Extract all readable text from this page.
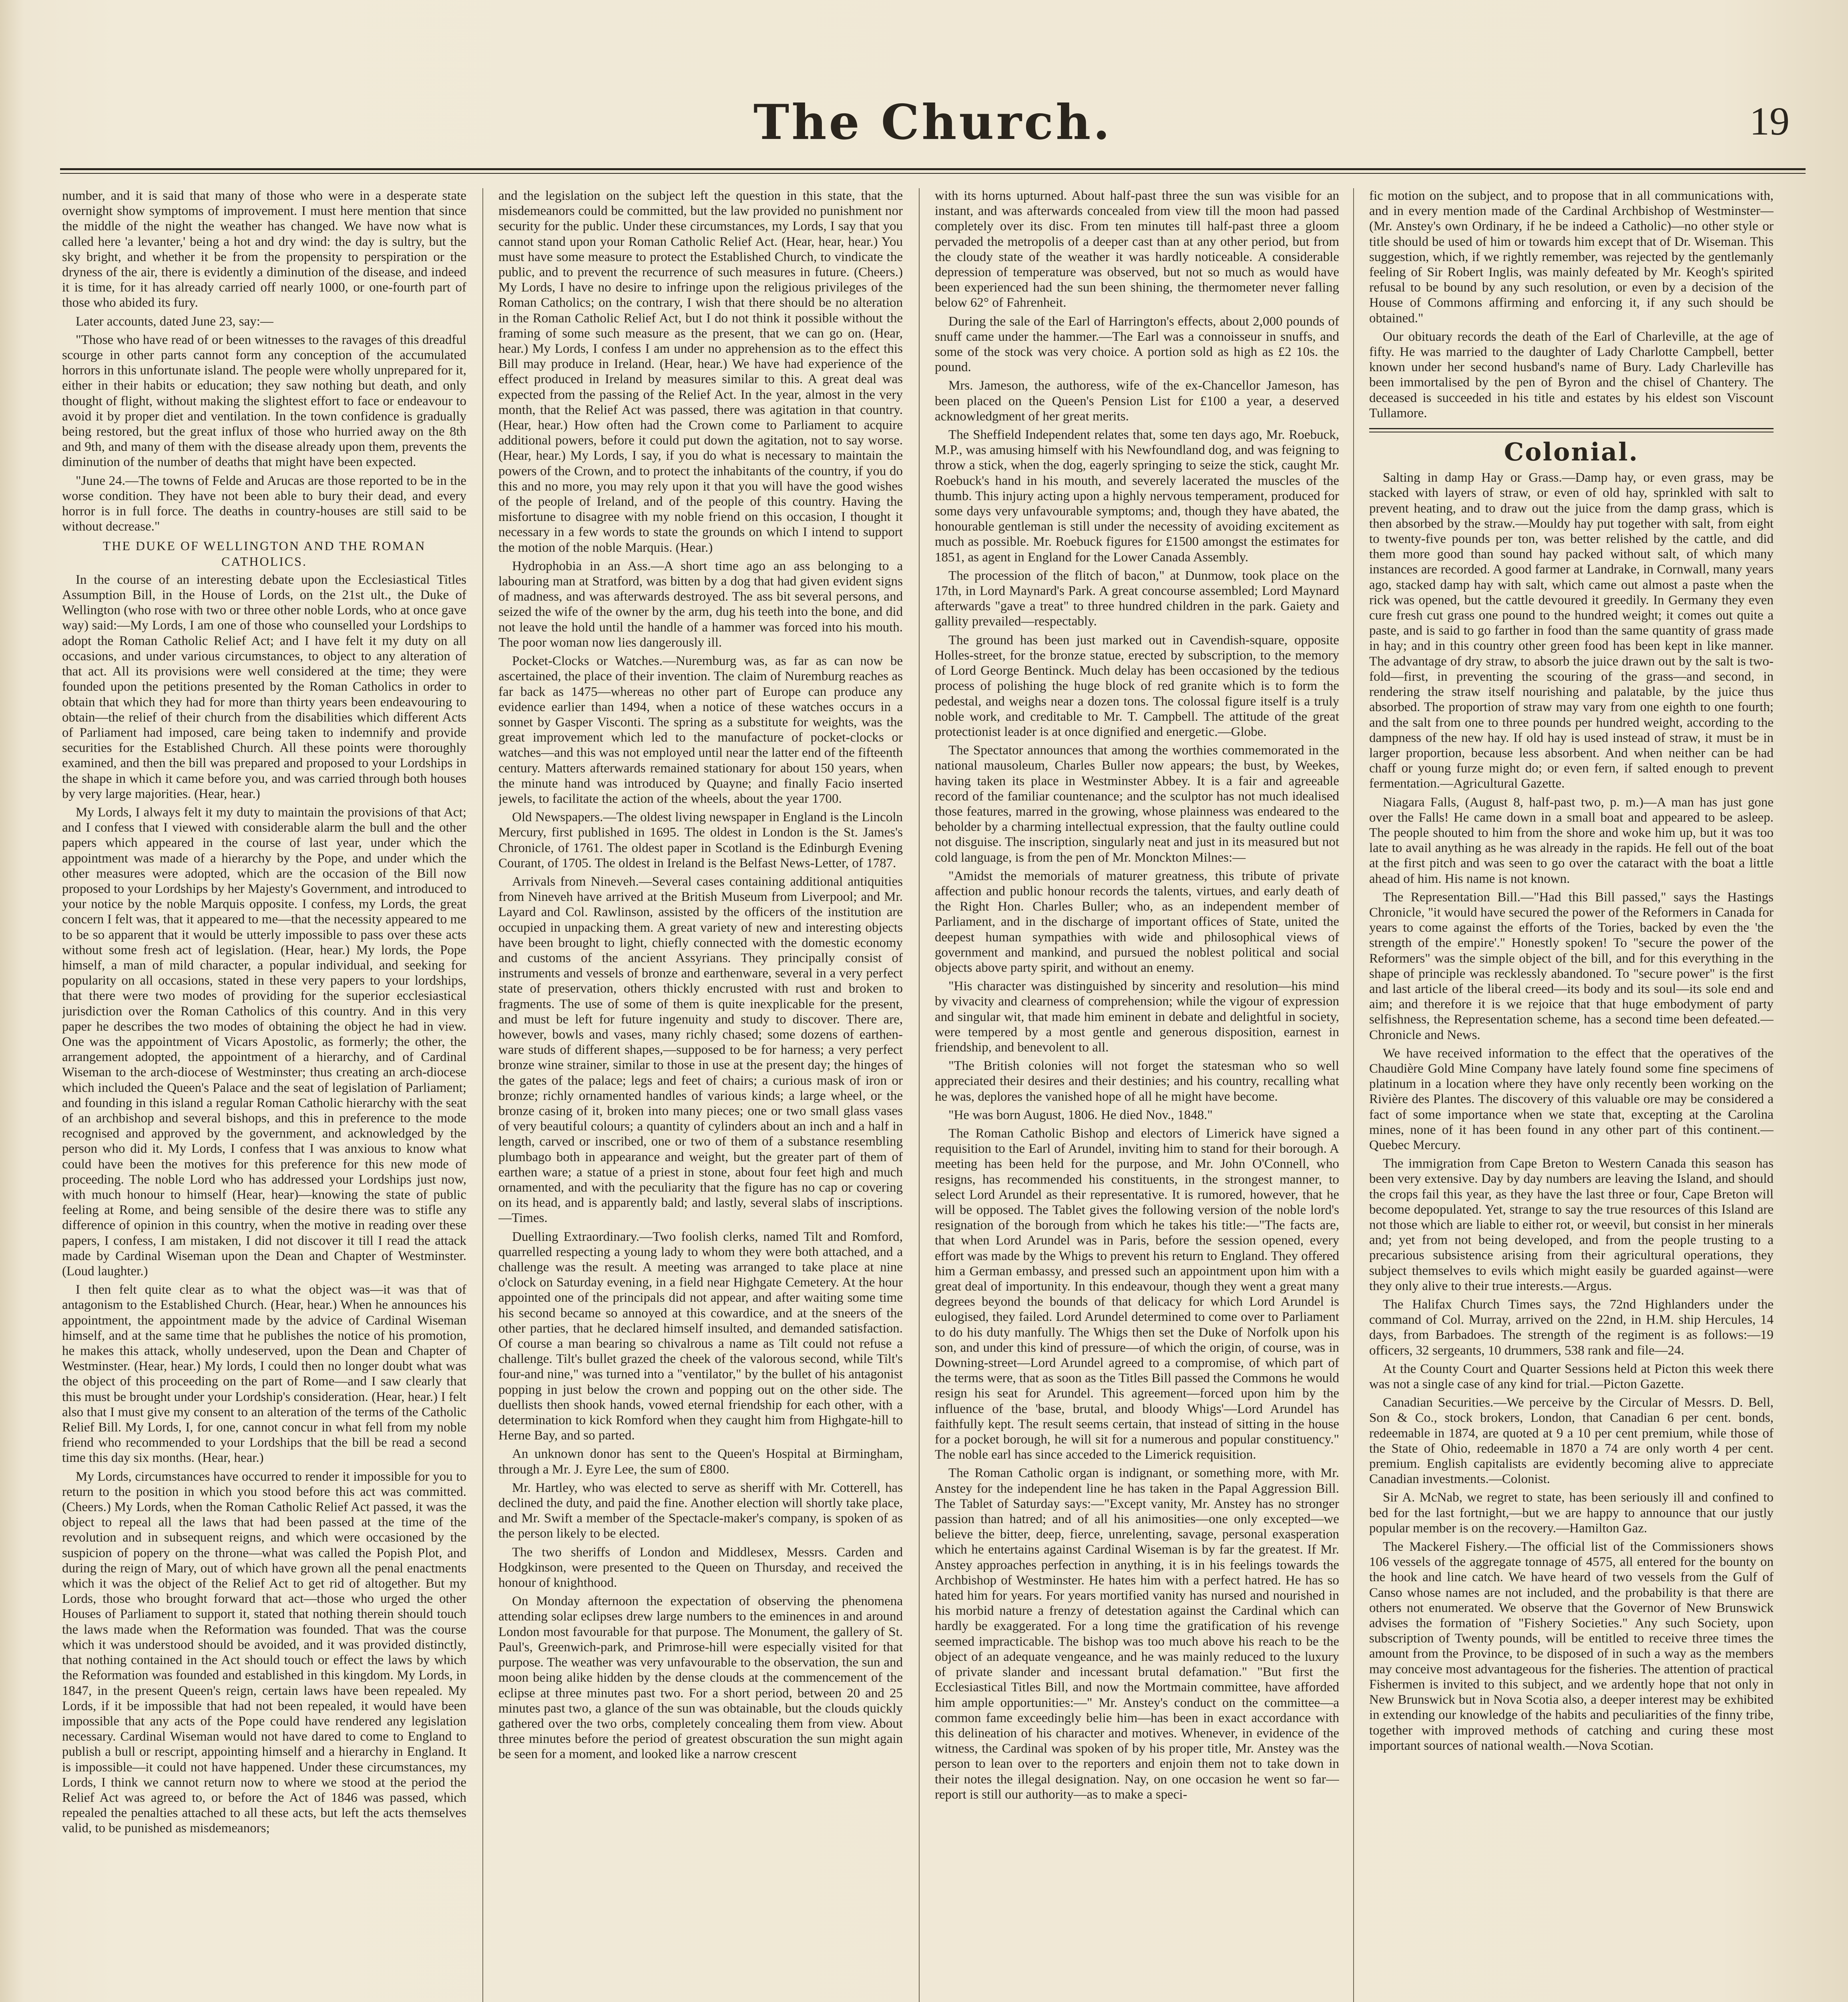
The Church.	19

number, and it is said that many of those who were in a desperate state overnight show symptoms of improvement. I must here mention that since the middle of the night the weather has changed. We have now what is called here 'a levanter,' being a hot and dry wind: the day is sultry, but the sky bright, and whether it be from the propensity to perspiration or the dryness of the air, there is evidently a diminution of the disease, and indeed it is time, for it has already carried off nearly 1000, or one-fourth part of those who abided its fury.

Later accounts, dated June 23, say:—

"Those who have read of or been witnesses to the ravages of this dreadful scourge in other parts cannot form any conception of the accumulated horrors in this unfortunate island. The people were wholly unprepared for it, either in their habits or education; they saw nothing but death, and only thought of flight, without making the slightest effort to face or endeavour to avoid it by proper diet and ventilation. In the town confidence is gradually being restored, but the great influx of those who hurried away on the 8th and 9th, and many of them with the disease already upon them, prevents the diminution of the number of deaths that might have been expected.

"June 24.—The towns of Felde and Arucas are those reported to be in the worse condition. They have not been able to bury their dead, and every horror is in full force. The deaths in country-houses are still said to be without decrease."

THE DUKE OF WELLINGTON AND THE ROMAN CATHOLICS.

In the course of an interesting debate upon the Ecclesiastical Titles Assumption Bill, in the House of Lords, on the 21st ult., the Duke of Wellington (who rose with two or three other noble Lords, who at once gave way) said:—My Lords, I am one of those who counselled your Lordships to adopt the Roman Catholic Relief Act; and I have felt it my duty on all occasions, and under various circumstances, to object to any alteration of that act. All its provisions were well considered at the time; they were founded upon the petitions presented by the Roman Catholics in order to obtain that which they had for more than thirty years been endeavouring to obtain—the relief of their church from the disabilities which different Acts of Parliament had imposed, care being taken to indemnify and provide securities for the Established Church. All these points were thoroughly examined, and then the bill was prepared and proposed to your Lordships in the shape in which it came before you, and was carried through both houses by very large majorities. (Hear, hear.)

My Lords, I always felt it my duty to maintain the provisions of that Act; and I confess that I viewed with considerable alarm the bull and the other papers which appeared in the course of last year, under which the appointment was made of a hierarchy by the Pope, and under which the other measures were adopted, which are the occasion of the Bill now proposed to your Lordships by her Majesty's Government, and introduced to your notice by the noble Marquis opposite. I confess, my Lords, the great concern I felt was, that it appeared to me—that the necessity appeared to me to be so apparent that it would be utterly impossible to pass over these acts without some fresh act of legislation. (Hear, hear.) My lords, the Pope himself, a man of mild character, a popular individual, and seeking for popularity on all occasions, stated in these very papers to your lordships, that there were two modes of providing for the superior ecclesiastical jurisdiction over the Roman Catholics of this country. And in this very paper he describes the two modes of obtaining the object he had in view. One was the appointment of Vicars Apostolic, as formerly; the other, the arrangement adopted, the appointment of a hierarchy, and of Cardinal Wiseman to the arch-diocese of Westminster; thus creating an arch-diocese which included the Queen's Palace and the seat of legislation of Parliament; and founding in this island a regular Roman Catholic hierarchy with the seat of an archbishop and several bishops, and this in preference to the mode recognised and approved by the government, and acknowledged by the person who did it. My Lords, I confess that I was anxious to know what could have been the motives for this preference for this new mode of proceeding. The noble Lord who has addressed your Lordships just now, with much honour to himself (Hear, hear)—knowing the state of public feeling at Rome, and being sensible of the desire there was to stifle any difference of opinion in this country, when the motive in reading over these papers, I confess, I am mistaken, I did not discover it till I read the attack made by Cardinal Wiseman upon the Dean and Chapter of Westminster. (Loud laughter.)

I then felt quite clear as to what the object was—it was that of antagonism to the Established Church. (Hear, hear.) When he announces his appointment, the appointment made by the advice of Cardinal Wiseman himself, and at the same time that he publishes the notice of his promotion, he makes this attack, wholly undeserved, upon the Dean and Chapter of Westminster. (Hear, hear.) My lords, I could then no longer doubt what was the object of this proceeding on the part of Rome—and I saw clearly that this must be brought under your Lordship's consideration. (Hear, hear.) I felt also that I must give my consent to an alteration of the terms of the Catholic Relief Bill. My Lords, I, for one, cannot concur in what fell from my noble friend who recommended to your Lordships that the bill be read a second time this day six months. (Hear, hear.)

My Lords, circumstances have occurred to render it impossible for you to return to the position in which you stood before this act was committed. (Cheers.) My Lords, when the Roman Catholic Relief Act passed, it was the object to repeal all the laws that had been passed at the time of the revolution and in subsequent reigns, and which were occasioned by the suspicion of popery on the throne—what was called the Popish Plot, and during the reign of Mary, out of which have grown all the penal enactments which it was the object of the Relief Act to get rid of altogether. But my Lords, those who brought forward that act—those who urged the other Houses of Parliament to support it, stated that nothing therein should touch the laws made when the Reformation was founded. That was the course which it was understood should be avoided, and it was provided distinctly, that nothing contained in the Act should touch or effect the laws by which the Reformation was founded and established in this kingdom. My Lords, in 1847, in the present Queen's reign, certain laws have been repealed. My Lords, if it be impossible that had not been repealed, it would have been impossible that any acts of the Pope could have rendered any legislation necessary. Cardinal Wiseman would not have dared to come to England to publish a bull or rescript, appointing himself and a hierarchy in England. It is impossible—it could not have happened. Under these circumstances, my Lords, I think we cannot return now to where we stood at the period the Relief Act was agreed to, or before the Act of 1846 was passed, which repealed the penalties attached to all these acts, but left the acts themselves valid, to be punished as misdemeanors;

and the legislation on the subject left the question in this state, that the misdemeanors could be committed, but the law provided no punishment nor security for the public. Under these circumstances, my Lords, I say that you cannot stand upon your Roman Catholic Relief Act. (Hear, hear, hear.) You must have some measure to protect the Established Church, to vindicate the public, and to prevent the recurrence of such measures in future. (Cheers.) My Lords, I have no desire to infringe upon the religious privileges of the Roman Catholics; on the contrary, I wish that there should be no alteration in the Roman Catholic Relief Act, but I do not think it possible without the framing of some such measure as the present, that we can go on. (Hear, hear.) My Lords, I confess I am under no apprehension as to the effect this Bill may produce in Ireland. (Hear, hear.) We have had experience of the effect produced in Ireland by measures similar to this. A great deal was expected from the passing of the Relief Act. In the year, almost in the very month, that the Relief Act was passed, there was agitation in that country. (Hear, hear.) How often had the Crown come to Parliament to acquire additional powers, before it could put down the agitation, not to say worse. (Hear, hear.) My Lords, I say, if you do what is necessary to maintain the powers of the Crown, and to protect the inhabitants of the country, if you do this and no more, you may rely upon it that you will have the good wishes of the people of Ireland, and of the people of this country. Having the misfortune to disagree with my noble friend on this occasion, I thought it necessary in a few words to state the grounds on which I intend to support the motion of the noble Marquis. (Hear.)

Hydrophobia in an Ass.—A short time ago an ass belonging to a labouring man at Stratford, was bitten by a dog that had given evident signs of madness, and was afterwards destroyed. The ass bit several persons, and seized the wife of the owner by the arm, dug his teeth into the bone, and did not leave the hold until the handle of a hammer was forced into his mouth. The poor woman now lies dangerously ill.

Pocket-Clocks or Watches.—Nuremburg was, as far as can now be ascertained, the place of their invention. The claim of Nuremburg reaches as far back as 1475—whereas no other part of Europe can produce any evidence earlier than 1494, when a notice of these watches occurs in a sonnet by Gasper Visconti. The spring as a substitute for weights, was the great improvement which led to the manufacture of pocket-clocks or watches—and this was not employed until near the latter end of the fifteenth century. Matters afterwards remained stationary for about 150 years, when the minute hand was introduced by Quayne; and finally Facio inserted jewels, to facilitate the action of the wheels, about the year 1700.

Old Newspapers.—The oldest living newspaper in England is the Lincoln Mercury, first published in 1695. The oldest in London is the St. James's Chronicle, of 1761. The oldest paper in Scotland is the Edinburgh Evening Courant, of 1705. The oldest in Ireland is the Belfast News-Letter, of 1787.

Arrivals from Nineveh.—Several cases containing additional antiquities from Nineveh have arrived at the British Museum from Liverpool; and Mr. Layard and Col. Rawlinson, assisted by the officers of the institution are occupied in unpacking them. A great variety of new and interesting objects have been brought to light, chiefly connected with the domestic economy and customs of the ancient Assyrians. They principally consist of instruments and vessels of bronze and earthenware, several in a very perfect state of preservation, others thickly encrusted with rust and broken to fragments. The use of some of them is quite inexplicable for the present, and must be left for future ingenuity and study to discover. There are, however, bowls and vases, many richly chased; some dozens of earthen-ware studs of different shapes,—supposed to be for harness; a very perfect bronze wine strainer, similar to those in use at the present day; the hinges of the gates of the palace; legs and feet of chairs; a curious mask of iron or bronze; richly ornamented handles of various kinds; a large wheel, or the bronze casing of it, broken into many pieces; one or two small glass vases of very beautiful colours; a quantity of cylinders about an inch and a half in length, carved or inscribed, one or two of them of a substance resembling plumbago both in appearance and weight, but the greater part of them of earthen ware; a statue of a priest in stone, about four feet high and much ornamented, and with the peculiarity that the figure has no cap or covering on its head, and is apparently bald; and lastly, several slabs of inscriptions.—Times.

Duelling Extraordinary.—Two foolish clerks, named Tilt and Romford, quarrelled respecting a young lady to whom they were both attached, and a challenge was the result. A meeting was arranged to take place at nine o'clock on Saturday evening, in a field near Highgate Cemetery. At the hour appointed one of the principals did not appear, and after waiting some time his second became so annoyed at this cowardice, and at the sneers of the other parties, that he declared himself insulted, and demanded satisfaction. Of course a man bearing so chivalrous a name as Tilt could not refuse a challenge. Tilt's bullet grazed the cheek of the valorous second, while Tilt's four-and nine," was turned into a "ventilator," by the bullet of his antagonist popping in just below the crown and popping out on the other side. The duellists then shook hands, vowed eternal friendship for each other, with a determination to kick Romford when they caught him from Highgate-hill to Herne Bay, and so parted.

An unknown donor has sent to the Queen's Hospital at Birmingham, through a Mr. J. Eyre Lee, the sum of £800.

Mr. Hartley, who was elected to serve as sheriff with Mr. Cotterell, has declined the duty, and paid the fine. Another election will shortly take place, and Mr. Swift a member of the Spectacle-maker's company, is spoken of as the person likely to be elected.

The two sheriffs of London and Middlesex, Messrs. Carden and Hodgkinson, were presented to the Queen on Thursday, and received the honour of knighthood.

On Monday afternoon the expectation of observing the phenomena attending solar eclipses drew large numbers to the eminences in and around London most favourable for that purpose. The Monument, the gallery of St. Paul's, Greenwich-park, and Primrose-hill were especially visited for that purpose. The weather was very unfavourable to the observation, the sun and moon being alike hidden by the dense clouds at the commencement of the eclipse at three minutes past two. For a short period, between 20 and 25 minutes past two, a glance of the sun was obtainable, but the clouds quickly gathered over the two orbs, completely concealing them from view. About three minutes before the period of greatest obscuration the sun might again be seen for a moment, and looked like a narrow crescent

with its horns upturned. About half-past three the sun was visible for an instant, and was afterwards concealed from view till the moon had passed completely over its disc. From ten minutes till half-past three a gloom pervaded the metropolis of a deeper cast than at any other period, but from the cloudy state of the weather it was hardly noticeable. A considerable depression of temperature was observed, but not so much as would have been experienced had the sun been shining, the thermometer never falling below 62° of Fahrenheit.

During the sale of the Earl of Harrington's effects, about 2,000 pounds of snuff came under the hammer.—The Earl was a connoisseur in snuffs, and some of the stock was very choice. A portion sold as high as £2 10s. the pound.

Mrs. Jameson, the authoress, wife of the ex-Chancellor Jameson, has been placed on the Queen's Pension List for £100 a year, a deserved acknowledgment of her great merits.

The Sheffield Independent relates that, some ten days ago, Mr. Roebuck, M.P., was amusing himself with his Newfoundland dog, and was feigning to throw a stick, when the dog, eagerly springing to seize the stick, caught Mr. Roebuck's hand in his mouth, and severely lacerated the muscles of the thumb. This injury acting upon a highly nervous temperament, produced for some days very unfavourable symptoms; and, though they have abated, the honourable gentleman is still under the necessity of avoiding excitement as much as possible. Mr. Roebuck figures for £1500 amongst the estimates for 1851, as agent in England for the Lower Canada Assembly.

The procession of the flitch of bacon," at Dunmow, took place on the 17th, in Lord Maynard's Park. A great concourse assembled; Lord Maynard afterwards "gave a treat" to three hundred children in the park. Gaiety and gallity prevailed—respectably.

The ground has been just marked out in Cavendish-square, opposite Holles-street, for the bronze statue, erected by subscription, to the memory of Lord George Bentinck. Much delay has been occasioned by the tedious process of polishing the huge block of red granite which is to form the pedestal, and weighs near a dozen tons. The colossal figure itself is a truly noble work, and creditable to Mr. T. Campbell. The attitude of the great protectionist leader is at once dignified and energetic.—Globe.

The Spectator announces that among the worthies commemorated in the national mausoleum, Charles Buller now appears; the bust, by Weekes, having taken its place in Westminster Abbey. It is a fair and agreeable record of the familiar countenance; and the sculptor has not much idealised those features, marred in the growing, whose plainness was endeared to the beholder by a charming intellectual expression, that the faulty outline could not disguise. The inscription, singularly neat and just in its measured but not cold language, is from the pen of Mr. Monckton Milnes:—

"Amidst the memorials of maturer greatness, this tribute of private affection and public honour records the talents, virtues, and early death of the Right Hon. Charles Buller; who, as an independent member of Parliament, and in the discharge of important offices of State, united the deepest human sympathies with wide and philosophical views of government and mankind, and pursued the noblest political and social objects above party spirit, and without an enemy.

"His character was distinguished by sincerity and resolution—his mind by vivacity and clearness of comprehension; while the vigour of expression and singular wit, that made him eminent in debate and delightful in society, were tempered by a most gentle and generous disposition, earnest in friendship, and benevolent to all.

"The British colonies will not forget the statesman who so well appreciated their desires and their destinies; and his country, recalling what he was, deplores the vanished hope of all he might have become.

"He was born August, 1806. He died Nov., 1848."

The Roman Catholic Bishop and electors of Limerick have signed a requisition to the Earl of Arundel, inviting him to stand for their borough. A meeting has been held for the purpose, and Mr. John O'Connell, who resigns, has recommended his constituents, in the strongest manner, to select Lord Arundel as their representative. It is rumored, however, that he will be opposed. The Tablet gives the following version of the noble lord's resignation of the borough from which he takes his title:—"The facts are, that when Lord Arundel was in Paris, before the session opened, every effort was made by the Whigs to prevent his return to England. They offered him a German embassy, and pressed such an appointment upon him with a great deal of importunity. In this endeavour, though they went a great many degrees beyond the bounds of that delicacy for which Lord Arundel is eulogised, they failed. Lord Arundel determined to come over to Parliament to do his duty manfully. The Whigs then set the Duke of Norfolk upon his son, and under this kind of pressure—of which the origin, of course, was in Downing-street—Lord Arundel agreed to a compromise, of which part of the terms were, that as soon as the Titles Bill passed the Commons he would resign his seat for Arundel. This agreement—forced upon him by the influence of the 'base, brutal, and bloody Whigs'—Lord Arundel has faithfully kept. The result seems certain, that instead of sitting in the house for a pocket borough, he will sit for a numerous and popular constituency." The noble earl has since acceded to the Limerick requisition.

The Roman Catholic organ is indignant, or something more, with Mr. Anstey for the independent line he has taken in the Papal Aggression Bill. The Tablet of Saturday says:—"Except vanity, Mr. Anstey has no stronger passion than hatred; and of all his animosities—one only excepted—we believe the bitter, deep, fierce, unrelenting, savage, personal exasperation which he entertains against Cardinal Wiseman is by far the greatest. If Mr. Anstey approaches perfection in anything, it is in his feelings towards the Archbishop of Westminster. He hates him with a perfect hatred. He has so hated him for years. For years mortified vanity has nursed and nourished in his morbid nature a frenzy of detestation against the Cardinal which can hardly be exaggerated. For a long time the gratification of his revenge seemed impracticable. The bishop was too much above his reach to be the object of an adequate vengeance, and he was mainly reduced to the luxury of private slander and incessant brutal defamation." "But first the Ecclesiastical Titles Bill, and now the Mortmain committee, have afforded him ample opportunities:—" Mr. Anstey's conduct on the committee—a common fame exceedingly belie him—has been in exact accordance with this delineation of his character and motives. Whenever, in evidence of the witness, the Cardinal was spoken of by his proper title, Mr. Anstey was the person to lean over to the reporters and enjoin them not to take down in their notes the illegal designation. Nay, on one occasion he went so far—report is still our authority—as to make a speci-

fic motion on the subject, and to propose that in all communications with, and in every mention made of the Cardinal Archbishop of Westminster—(Mr. Anstey's own Ordinary, if he be indeed a Catholic)—no other style or title should be used of him or towards him except that of Dr. Wiseman. This suggestion, which, if we rightly remember, was rejected by the gentlemanly feeling of Sir Robert Inglis, was mainly defeated by Mr. Keogh's spirited refusal to be bound by any such resolution, or even by a decision of the House of Commons affirming and enforcing it, if any such should be obtained."

Our obituary records the death of the Earl of Charleville, at the age of fifty. He was married to the daughter of Lady Charlotte Campbell, better known under her second husband's name of Bury. Lady Charleville has been immortalised by the pen of Byron and the chisel of Chantery. The deceased is succeeded in his title and estates by his eldest son Viscount Tullamore.

Colonial.

Salting in damp Hay or Grass.—Damp hay, or even grass, may be stacked with layers of straw, or even of old hay, sprinkled with salt to prevent heating, and to draw out the juice from the damp grass, which is then absorbed by the straw.—Mouldy hay put together with salt, from eight to twenty-five pounds per ton, was better relished by the cattle, and did them more good than sound hay packed without salt, of which many instances are recorded. A good farmer at Landrake, in Cornwall, many years ago, stacked damp hay with salt, which came out almost a paste when the rick was opened, but the cattle devoured it greedily. In Germany they even cure fresh cut grass one pound to the hundred weight; it comes out quite a paste, and is said to go farther in food than the same quantity of grass made in hay; and in this country other green food has been kept in like manner. The advantage of dry straw, to absorb the juice drawn out by the salt is two-fold—first, in preventing the scouring of the grass—and second, in rendering the straw itself nourishing and palatable, by the juice thus absorbed. The proportion of straw may vary from one eighth to one fourth; and the salt from one to three pounds per hundred weight, according to the dampness of the new hay. If old hay is used instead of straw, it must be in larger proportion, because less absorbent. And when neither can be had chaff or young furze might do; or even fern, if salted enough to prevent fermentation.—Agricultural Gazette.

Niagara Falls, (August 8, half-past two, p. m.)—A man has just gone over the Falls! He came down in a small boat and appeared to be asleep. The people shouted to him from the shore and woke him up, but it was too late to avail anything as he was already in the rapids. He fell out of the boat at the first pitch and was seen to go over the cataract with the boat a little ahead of him. His name is not known.

The Representation Bill.—"Had this Bill passed," says the Hastings Chronicle, "it would have secured the power of the Reformers in Canada for years to come against the efforts of the Tories, backed by even the 'the strength of the empire'." Honestly spoken! To "secure the power of the Reformers" was the simple object of the bill, and for this everything in the shape of principle was recklessly abandoned. To "secure power" is the first and last article of the liberal creed—its body and its soul—its sole end and aim; and therefore it is we rejoice that that huge embodyment of party selfishness, the Representation scheme, has a second time been defeated.—Chronicle and News.

We have received information to the effect that the operatives of the Chaudière Gold Mine Company have lately found some fine specimens of platinum in a location where they have only recently been working on the Rivière des Plantes. The discovery of this valuable ore may be considered a fact of some importance when we state that, excepting at the Carolina mines, none of it has been found in any other part of this continent.—Quebec Mercury.

The immigration from Cape Breton to Western Canada this season has been very extensive. Day by day numbers are leaving the Island, and should the crops fail this year, as they have the last three or four, Cape Breton will become depopulated. Yet, strange to say the true resources of this Island are not those which are liable to either rot, or weevil, but consist in her minerals and; yet from not being developed, and from the people trusting to a precarious subsistence arising from their agricultural operations, they subject themselves to evils which might easily be guarded against—were they only alive to their true interests.—Argus.

The Halifax Church Times says, the 72nd Highlanders under the command of Col. Murray, arrived on the 22nd, in H.M. ship Hercules, 14 days, from Barbadoes. The strength of the regiment is as follows:—19 officers, 32 sergeants, 10 drummers, 538 rank and file—24.

At the County Court and Quarter Sessions held at Picton this week there was not a single case of any kind for trial.—Picton Gazette.

Canadian Securities.—We perceive by the Circular of Messrs. D. Bell, Son & Co., stock brokers, London, that Canadian 6 per cent. bonds, redeemable in 1874, are quoted at 9 a 10 per cent premium, while those of the State of Ohio, redeemable in 1870 a 74 are only worth 4 per cent. premium. English capitalists are evidently becoming alive to appreciate Canadian investments.—Colonist.

Sir A. McNab, we regret to state, has been seriously ill and confined to bed for the last fortnight,—but we are happy to announce that our justly popular member is on the recovery.—Hamilton Gaz.

The Mackerel Fishery.—The official list of the Commissioners shows 106 vessels of the aggregate tonnage of 4575, all entered for the bounty on the hook and line catch. We have heard of two vessels from the Gulf of Canso whose names are not included, and the probability is that there are others not enumerated. We observe that the Governor of New Brunswick advises the formation of "Fishery Societies." Any such Society, upon subscription of Twenty pounds, will be entitled to receive three times the amount from the Province, to be disposed of in such a way as the members may conceive most advantageous for the fisheries. The attention of practical Fishermen is invited to this subject, and we ardently hope that not only in New Brunswick but in Nova Scotia also, a deeper interest may be exhibited in extending our knowledge of the habits and peculiarities of the finny tribe, together with improved methods of catching and curing these most important sources of national wealth.—Nova Scotian.
